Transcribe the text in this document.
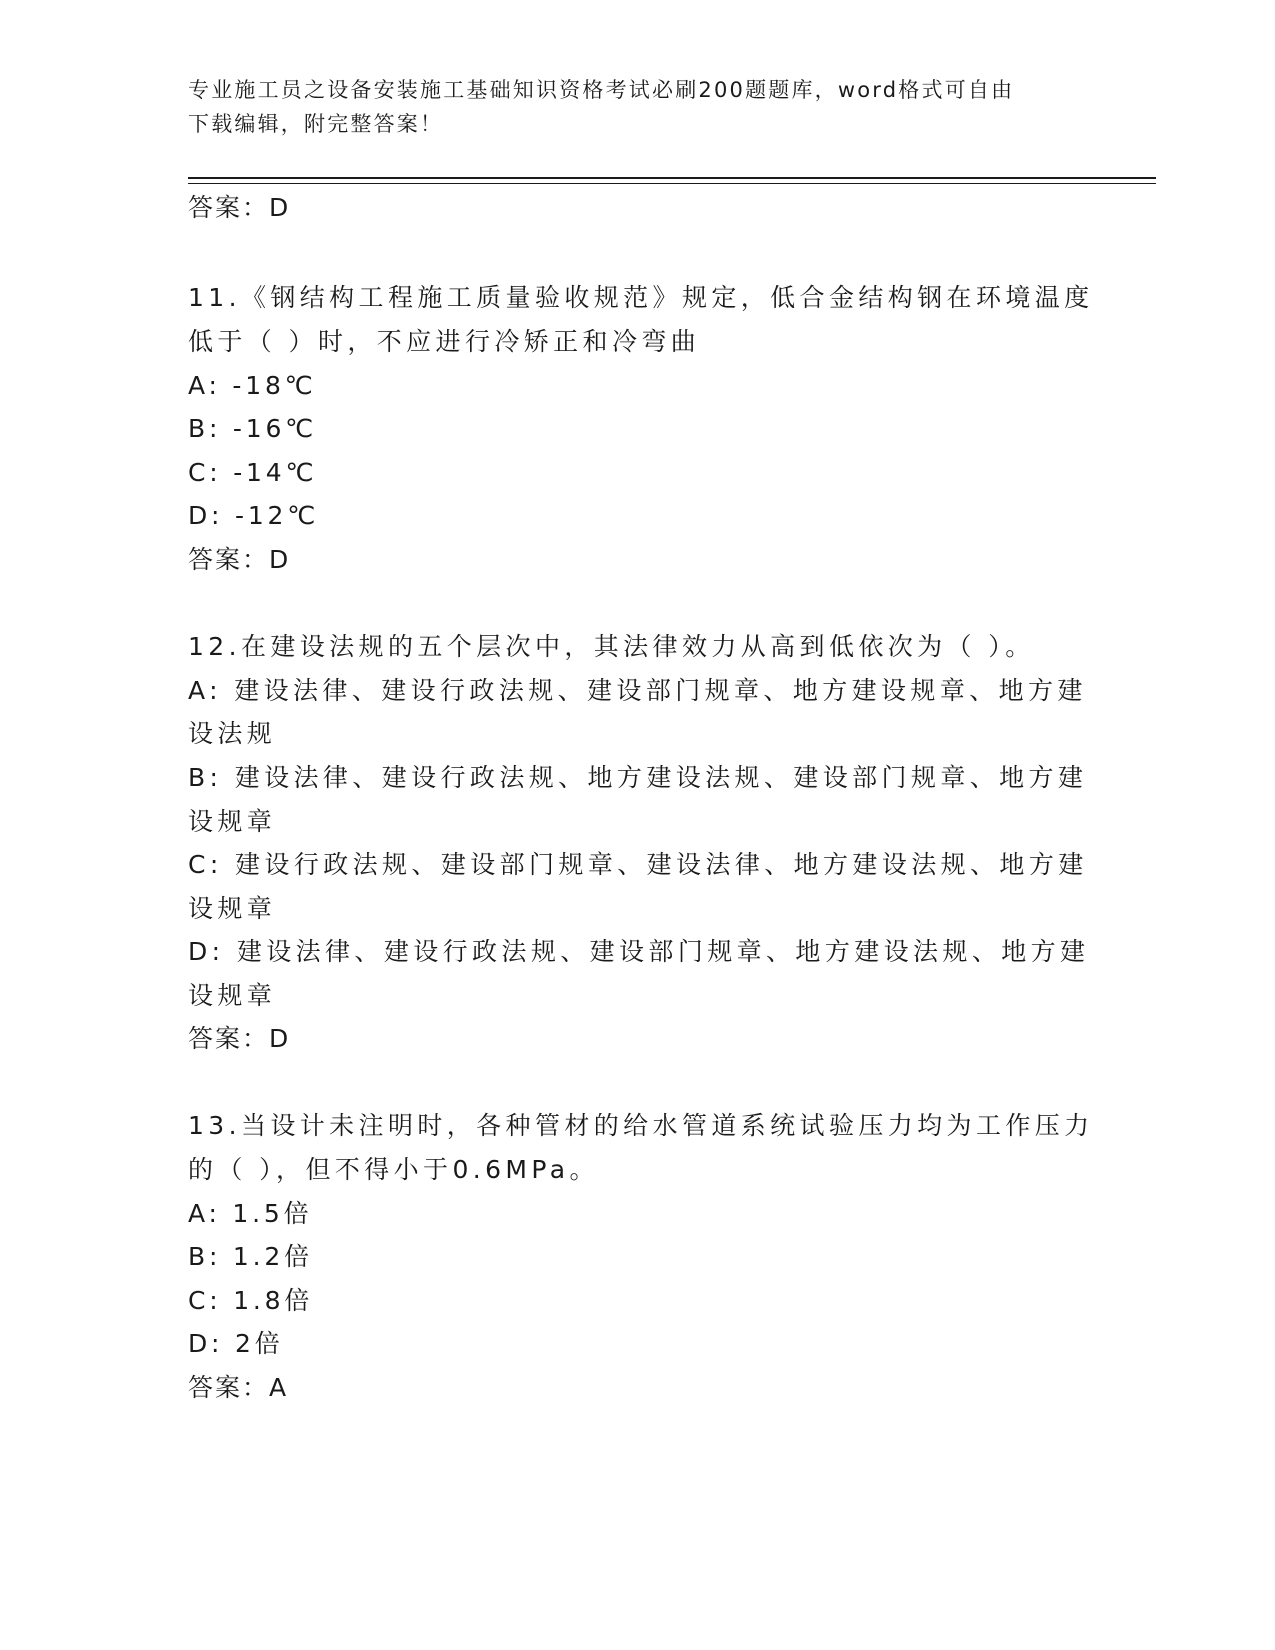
专业施工员之设备安装施工基础知识资格考试必刷200题题库，word格式可自由
下载编辑，附完整答案！
答案：D
11.《钢结构工程施工质量验收规范》规定，低合金结构钢在环境温度
低于（ ）时，不应进行冷矫正和冷弯曲
A: -18℃
B: -16℃
C: -14℃
D: -12℃
答案：D
12.在建设法规的五个层次中，其法律效力从高到低依次为（ ）。
A: 建设法律、建设行政法规、建设部门规章、地方建设规章、地方建
设法规
B: 建设法律、建设行政法规、地方建设法规、建设部门规章、地方建
设规章
C: 建设行政法规、建设部门规章、建设法律、地方建设法规、地方建
设规章
D: 建设法律、建设行政法规、建设部门规章、地方建设法规、地方建
设规章
答案：D
13.当设计未注明时，各种管材的给水管道系统试验压力均为工作压力
的（ ），但不得小于0.6MPa。
A: 1.5倍
B: 1.2倍
C: 1.8倍
D: 2倍
答案：A
